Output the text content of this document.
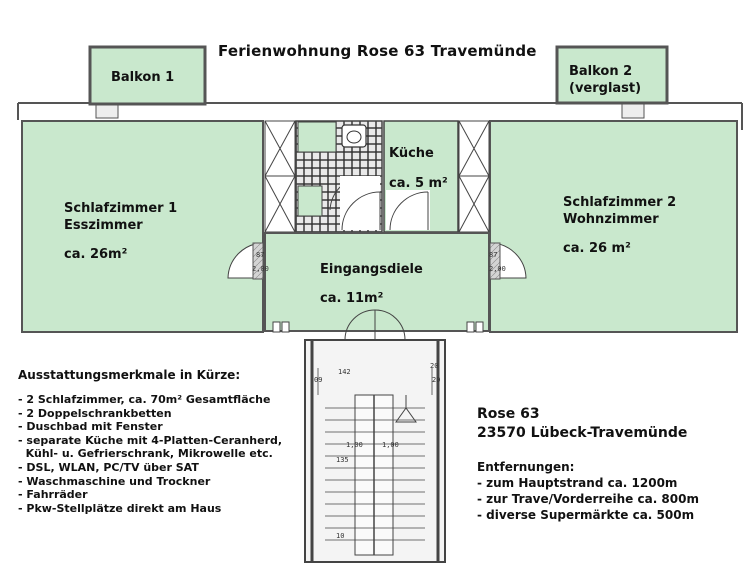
Ferienwohnung Rose 63 Travemünde
Balkon 1	Balkon 2
(verglast)
Küche
ca. 5 m²
Schlafzimmer 1
Esszimmer
ca. 26m²
Schlafzimmer 2
Wohnzimmer
ca. 26 m²
Eingangsdiele
ca. 11m²
87
2,00
87
2,00
09
142
20
20
1,00	1,00
135
10
Ausstattungsmerkmale in Kürze:
- 2 Schlafzimmer, ca. 70m² Gesamtfläche
- 2 Doppelschrankbetten
- Duschbad mit Fenster
- separate Küche mit 4-Platten-Ceranherd,
Kühl- u. Gefrierschrank, Mikrowelle etc.
- DSL, WLAN, PC/TV über SAT
- Waschmaschine und Trockner
- Fahrräder
- Pkw-Stellplätze direkt am Haus
Rose 63
23570 Lübeck-Travemünde
Entfernungen:
- zum Hauptstrand ca. 1200m
- zur Trave/Vorderreihe ca. 800m
- diverse Supermärkte ca. 500m
